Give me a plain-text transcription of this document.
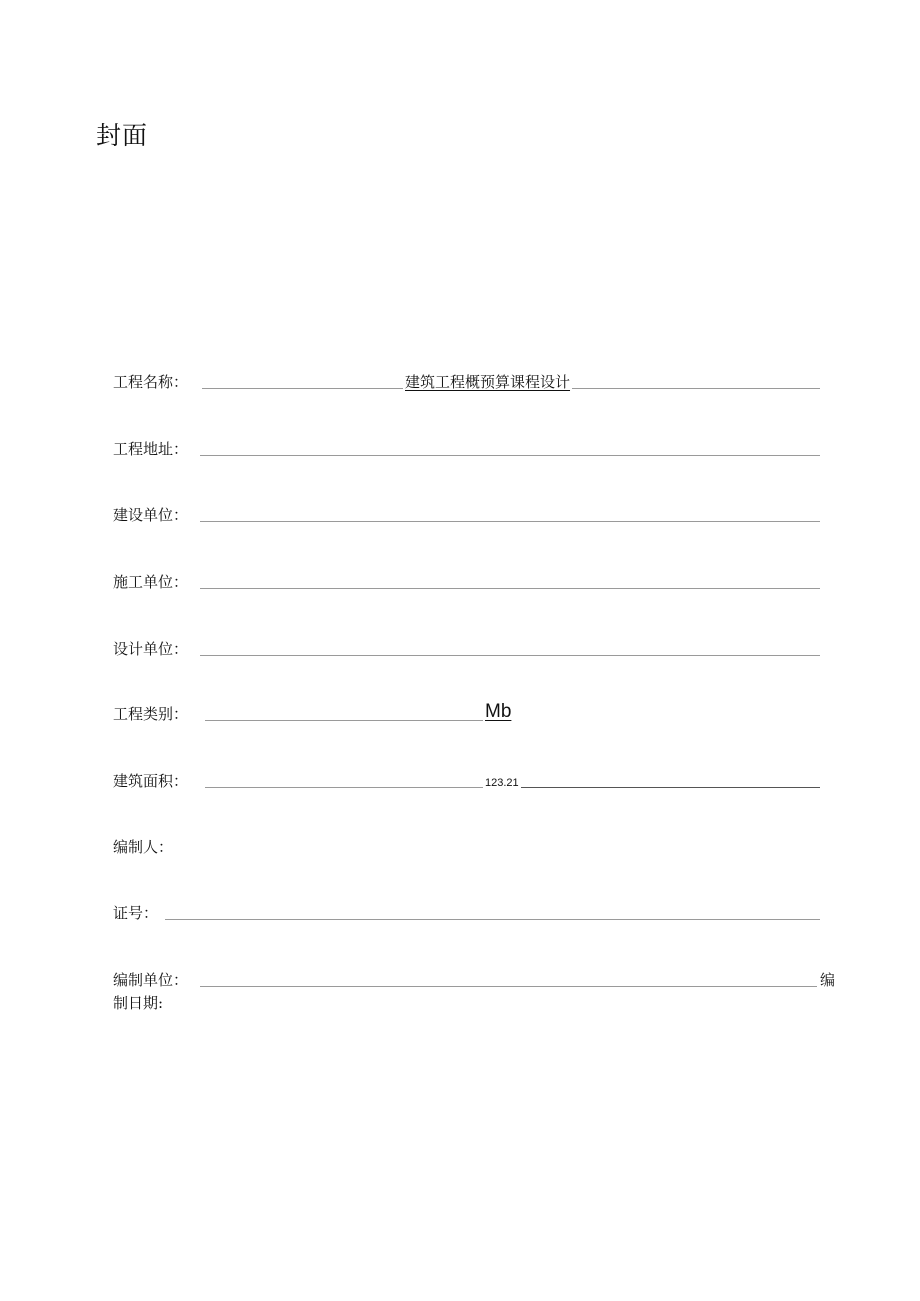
封面
工程名称：	建筑工程概预算课程设计
工程地址：
建设单位：
施工单位：
设计单位：
工程类别：	Mb
建筑面积：	123.21
编制人：
证号：
编制单位：	编
制日期:
